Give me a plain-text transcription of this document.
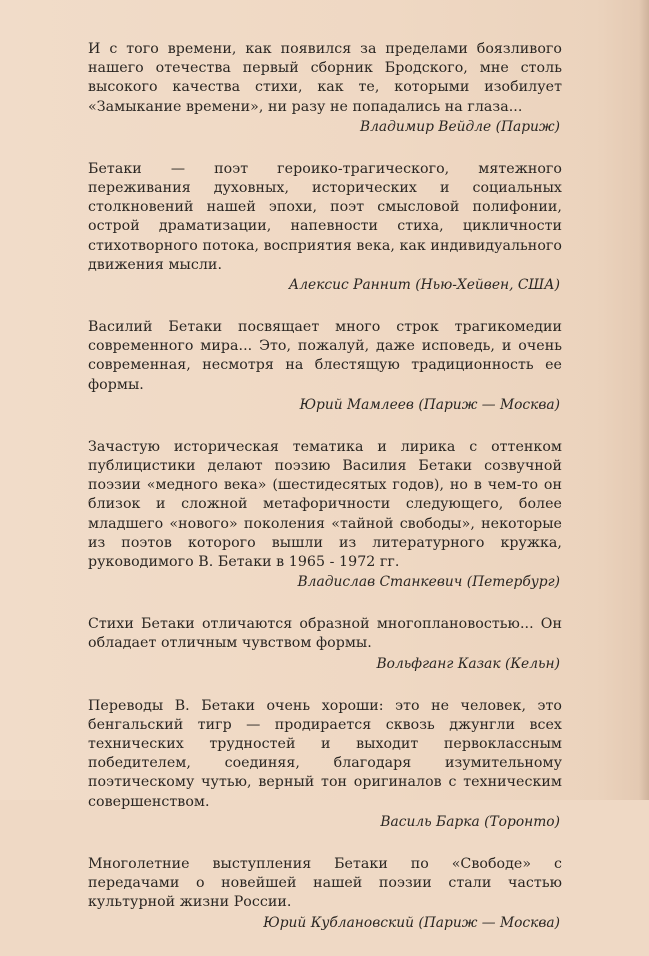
И с того времени, как появился за пределами боязливого нашего отечества первый сборник Бродского, мне столь высокого качества стихи, как те, которыми изобилует «Замыкание времени», ни разу не попадались на глаза...

Владимир Вейдле (Париж)

Бетаки — поэт героико-трагического, мятежного переживания духовных, исторических и социальных столкновений нашей эпохи, поэт смысловой полифонии, острой драматизации, напевности стиха, цикличности стихотворного потока, восприятия века, как индивидуального движения мысли.

Алексис Раннит (Нью-Хейвен, США)

Василий Бетаки посвящает много строк трагикомедии современного мира... Это, пожалуй, даже исповедь, и очень современная, несмотря на блестящую традиционность ее формы.

Юрий Мамлеев (Париж — Москва)

Зачастую историческая тематика и лирика с оттенком публицистики делают поэзию Василия Бетаки созвучной поэзии «медного века» (шестидесятых годов), но в чем-то он близок и сложной метафоричности следующего, более младшего «нового» поколения «тайной свободы», некоторые из поэтов которого вышли из литературного кружка, руководимого В. Бетаки в 1965 - 1972 гг.

Владислав Станкевич (Петербург)

Стихи Бетаки отличаются образной многоплановостью... Он обладает отличным чувством формы.

Вольфганг Казак (Кельн)

Переводы В. Бетаки очень хороши: это не человек, это бенгальский тигр — продирается сквозь джунгли всех технических трудностей и выходит первоклассным победителем, соединяя, благодаря изумительному поэтическому чутью, верный тон оригиналов с техническим совершенством.

Василь Барка (Торонто)

Многолетние выступления Бетаки по «Свободе» с передачами о новейшей нашей поэзии стали частью культурной жизни России.

Юрий Кублановский (Париж — Москва)
